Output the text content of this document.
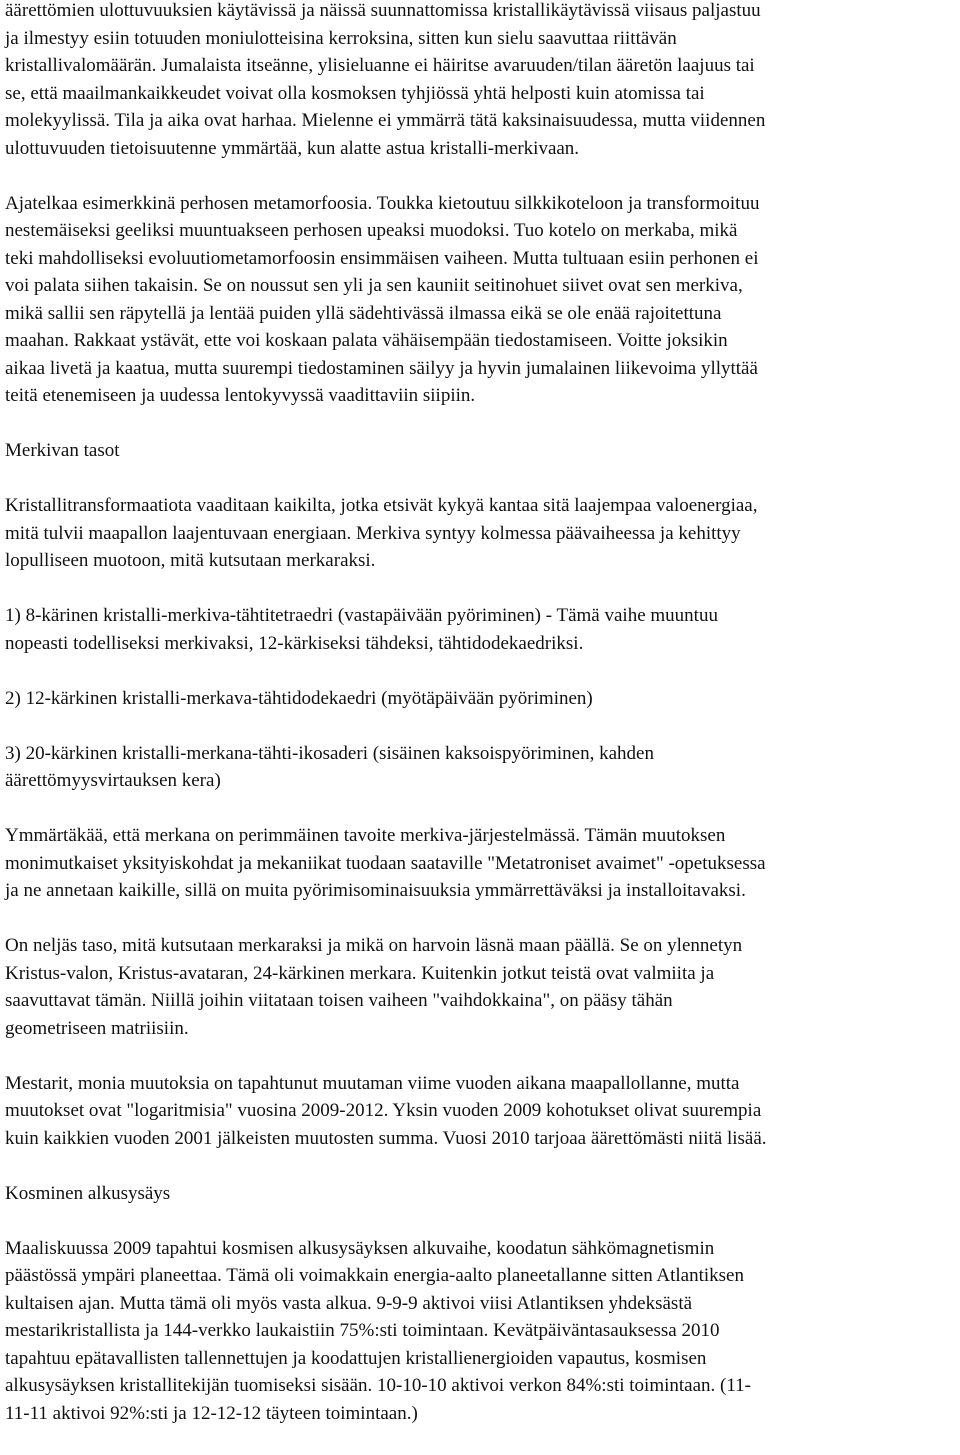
äärettömien ulottuvuuksien käytävissä ja näissä suunnattomissa kristallikäytävissä viisaus paljastuu
ja ilmestyy esiin totuuden moniulotteisina kerroksina, sitten kun sielu saavuttaa riittävän
kristallivalomäärän. Jumalaista itseänne, ylisieluanne ei häiritse avaruuden/tilan ääretön laajuus tai
se, että maailmankaikkeudet voivat olla kosmoksen tyhjiössä yhtä helposti kuin atomissa tai
molekyylissä. Tila ja aika ovat harhaa. Mielenne ei ymmärrä tätä kaksinaisuudessa, mutta viidennen
ulottuvuuden tietoisuutenne ymmärtää, kun alatte astua kristalli-merkivaan.
Ajatelkaa esimerkkinä perhosen metamorfoosia. Toukka kietoutuu silkkikoteloon ja transformoituu
nestemäiseksi geeliksi muuntuakseen perhosen upeaksi muodoksi. Tuo kotelo on merkaba, mikä
teki mahdolliseksi evoluutiometamorfoosin ensimmäisen vaiheen. Mutta tultuaan esiin perhonen ei
voi palata siihen takaisin. Se on noussut sen yli ja sen kauniit seitinohuet siivet ovat sen merkiva,
mikä sallii sen räpytellä ja lentää puiden yllä sädehtivässä ilmassa eikä se ole enää rajoitettuna
maahan. Rakkaat ystävät, ette voi koskaan palata vähäisempään tiedostamiseen. Voitte joksikin
aikaa livetä ja kaatua, mutta suurempi tiedostaminen säilyy ja hyvin jumalainen liikevoima yllyttää
teitä etenemiseen ja uudessa lentokyvyssä vaadittaviin siipiin.
Merkivan tasot
Kristallitransformaatiota vaaditaan kaikilta, jotka etsivät kykyä kantaa sitä laajempaa valoenergiaa,
mitä tulvii maapallon laajentuvaan energiaan. Merkiva syntyy kolmessa päävaiheessa ja kehittyy
lopulliseen muotoon, mitä kutsutaan merkaraksi.
1) 8-kärinen kristalli-merkiva-tähtitetraedri (vastapäivään pyöriminen) - Tämä vaihe muuntuu
nopeasti todelliseksi merkivaksi, 12-kärkiseksi tähdeksi, tähtidodekaedriksi.
2) 12-kärkinen kristalli-merkava-tähtidodekaedri (myötäpäivään pyöriminen)
3) 20-kärkinen kristalli-merkana-tähti-ikosaderi (sisäinen kaksoispyöriminen, kahden
äärettömyysvirtauksen kera)
Ymmärtäkää, että merkana on perimmäinen tavoite merkiva-järjestelmässä. Tämän muutoksen
monimutkaiset yksityiskohdat ja mekaniikat tuodaan saataville "Metatroniset avaimet" -opetuksessa
ja ne annetaan kaikille, sillä on muita pyörimisominaisuuksia ymmärrettäväksi ja installoitavaksi.
On neljäs taso, mitä kutsutaan merkaraksi ja mikä on harvoin läsnä maan päällä. Se on ylennetyn
Kristus-valon, Kristus-avataran, 24-kärkinen merkara. Kuitenkin jotkut teistä ovat valmiita ja
saavuttavat tämän. Niillä joihin viitataan toisen vaiheen "vaihdokkaina", on pääsy tähän
geometriseen matriisiin.
Mestarit, monia muutoksia on tapahtunut muutaman viime vuoden aikana maapallollanne, mutta
muutokset ovat "logaritmisia" vuosina 2009-2012. Yksin vuoden 2009 kohotukset olivat suurempia
kuin kaikkien vuoden 2001 jälkeisten muutosten summa. Vuosi 2010 tarjoaa äärettömästi niitä lisää.
Kosminen alkusysäys
Maaliskuussa 2009 tapahtui kosmisen alkusysäyksen alkuvaihe, koodatun sähkömagnetismin
päästössä ympäri planeettaa. Tämä oli voimakkain energia-aalto planeetallanne sitten Atlantiksen
kultaisen ajan. Mutta tämä oli myös vasta alkua. 9-9-9 aktivoi viisi Atlantiksen yhdeksästä
mestarikristallista ja 144-verkko laukaistiin 75%:sti toimintaan. Kevätpäiväntasauksessa 2010
tapahtuu epätavallisten tallennettujen ja koodattujen kristallienergioiden vapautus, kosmisen
alkusysäyksen kristallitekijän tuomiseksi sisään. 10-10-10 aktivoi verkon 84%:sti toimintaan. (11-
11-11 aktivoi 92%:sti ja 12-12-12 täyteen toimintaan.)
